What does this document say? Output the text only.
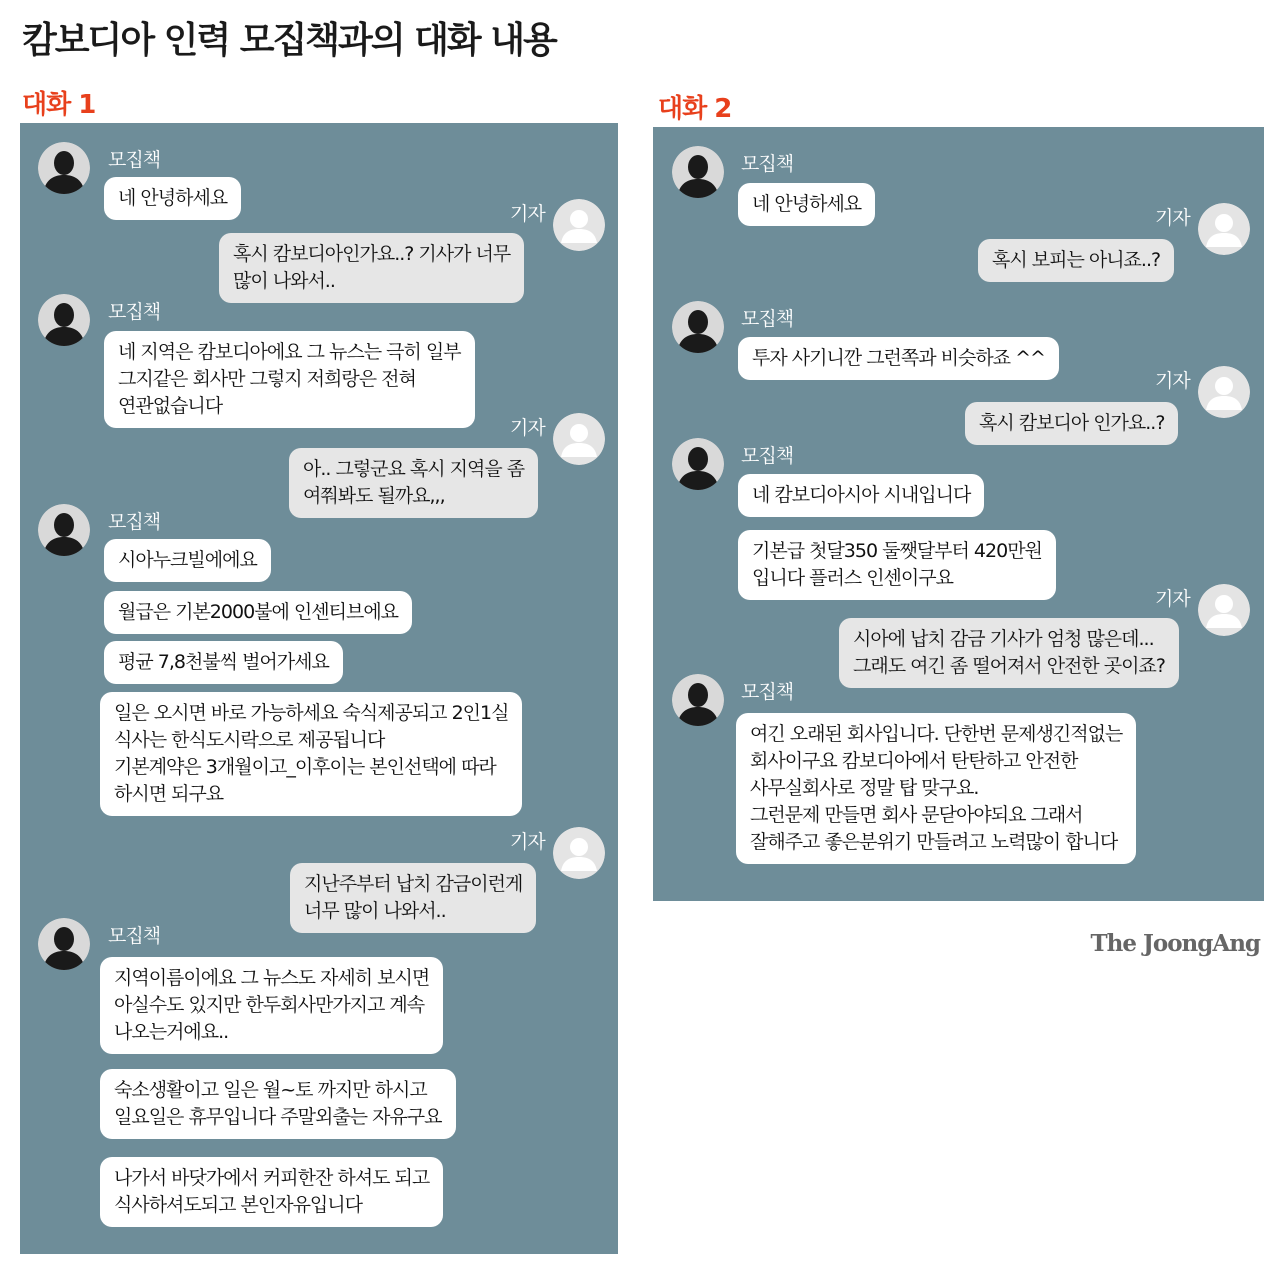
캄보디아 인력 모집책과의 대화 내용
대화 1	대화 2
모집책
네 안녕하세요
기자
혹시 캄보디아인가요..? 기사가 너무
많이 나와서..
모집책
네 지역은 캄보디아에요 그 뉴스는 극히 일부
그지같은 회사만 그렇지 저희랑은 전혀
연관없습니다
기자
아.. 그렇군요 혹시 지역을 좀
여쭤봐도 될까요,,,
모집책
시아누크빌에에요
월급은 기본2000불에 인센티브에요
평균 7,8천불씩 벌어가세요
일은 오시면 바로 가능하세요 숙식제공되고 2인1실
식사는 한식도시락으로 제공됩니다
기본계약은 3개월이고_이후이는 본인선택에 따라
하시면 되구요
기자
지난주부터 납치 감금이런게
너무 많이 나와서..
모집책
지역이름이에요 그 뉴스도 자세히 보시면
아실수도 있지만 한두회사만가지고 계속
나오는거에요..
숙소생활이고 일은 월~토 까지만 하시고
일요일은 휴무입니다 주말외출는 자유구요
나가서 바닷가에서 커피한잔 하셔도 되고
식사하셔도되고 본인자유입니다
모집책
네 안녕하세요
기자
혹시 보피는 아니죠..?
모집책
투자 사기니깐 그런쪽과 비슷하죠 ^^
기자
혹시 캄보디아 인가요..?
모집책
네 캄보디아시아 시내입니다
기본급 첫달350 둘쨋달부터 420만원
입니다 플러스 인센이구요
기자
시아에 납치 감금 기사가 엄청 많은데...
그래도 여긴 좀 떨어져서 안전한 곳이죠?
모집책
여긴 오래된 회사입니다. 단한번 문제생긴적없는
회사이구요 캄보디아에서 탄탄하고 안전한
사무실회사로 정말 탑 맞구요.
그런문제 만들면 회사 문닫아야되요 그래서
잘해주고 좋은분위기 만들려고 노력많이 합니다
The JoongAng
